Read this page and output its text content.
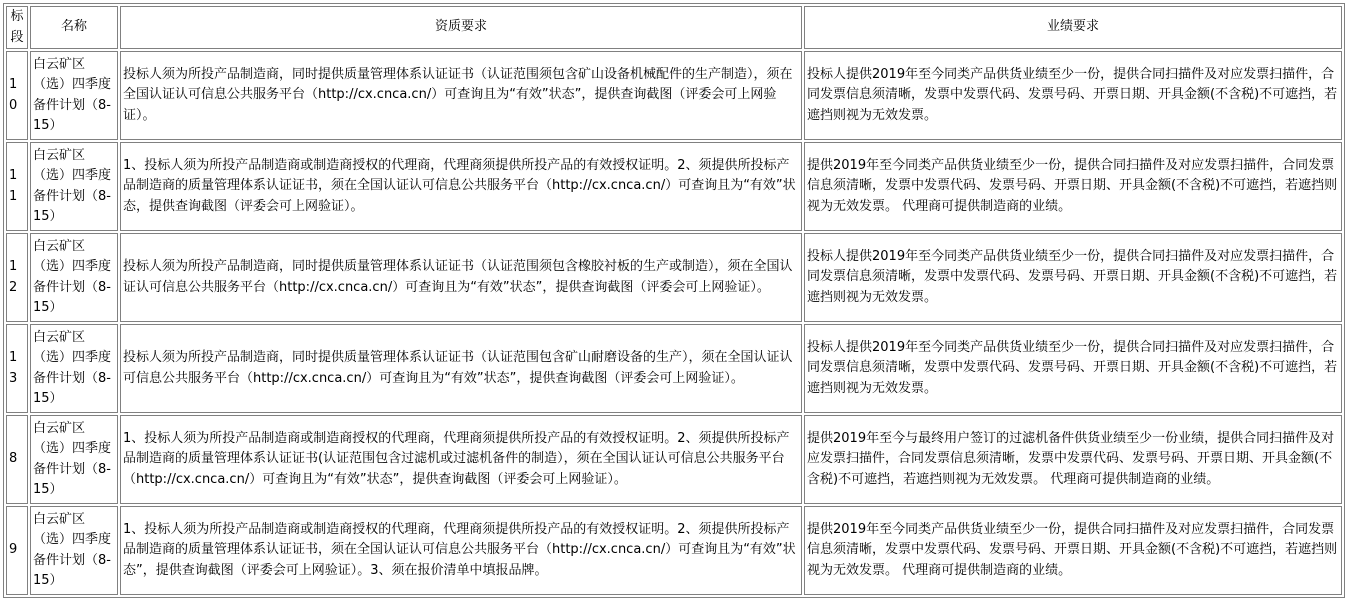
标段	名称	资质要求	业绩要求
10	白云矿区（选）四季度备件计划（8-15）	投标人须为所投产品制造商，同时提供质量管理体系认证证书（认证范围须包含矿山设备机械配件的生产制造），须在全国认证认可信息公共服务平台（http://cx.cnca.cn/）可查询且为“有效”状态”，提供查询截图（评委会可上网验证）。	投标人提供2019年至今同类产品供货业绩至少一份，提供合同扫描件及对应发票扫描件，合同发票信息须清晰，发票中发票代码、发票号码、开票日期、开具金额(不含税)不可遮挡，若遮挡则视为无效发票。
11	白云矿区（选）四季度备件计划（8-15）	1、投标人须为所投产品制造商或制造商授权的代理商，代理商须提供所投产品的有效授权证明。2、须提供所投标产品制造商的质量管理体系认证证书，须在全国认证认可信息公共服务平台（http://cx.cnca.cn/）可查询且为“有效”状态，提供查询截图（评委会可上网验证）。	提供2019年至今同类产品供货业绩至少一份，提供合同扫描件及对应发票扫描件，合同发票信息须清晰，发票中发票代码、发票号码、开票日期、开具金额(不含税)不可遮挡，若遮挡则视为无效发票。 代理商可提供制造商的业绩。
12	白云矿区（选）四季度备件计划（8-15）	投标人须为所投产品制造商，同时提供质量管理体系认证证书（认证范围须包含橡胶衬板的生产或制造），须在全国认证认可信息公共服务平台（http://cx.cnca.cn/）可查询且为“有效”状态”，提供查询截图（评委会可上网验证）。	投标人提供2019年至今同类产品供货业绩至少一份，提供合同扫描件及对应发票扫描件，合同发票信息须清晰，发票中发票代码、发票号码、开票日期、开具金额(不含税)不可遮挡，若遮挡则视为无效发票。
13	白云矿区（选）四季度备件计划（8-15）	投标人须为所投产品制造商，同时提供质量管理体系认证证书（认证范围包含矿山耐磨设备的生产），须在全国认证认可信息公共服务平台（http://cx.cnca.cn/）可查询且为“有效”状态”，提供查询截图（评委会可上网验证）。	投标人提供2019年至今同类产品供货业绩至少一份，提供合同扫描件及对应发票扫描件，合同发票信息须清晰，发票中发票代码、发票号码、开票日期、开具金额(不含税)不可遮挡，若遮挡则视为无效发票。
8	白云矿区（选）四季度备件计划（8-15）	1、投标人须为所投产品制造商或制造商授权的代理商，代理商须提供所投产品的有效授权证明。2、须提供所投标产品制造商的质量管理体系认证证书(认证范围包含过滤机或过滤机备件的制造），须在全国认证认可信息公共服务平台（http://cx.cnca.cn/）可查询且为“有效”状态”，提供查询截图（评委会可上网验证）。	提供2019年至今与最终用户签订的过滤机备件供货业绩至少一份业绩，提供合同扫描件及对应发票扫描件，合同发票信息须清晰，发票中发票代码、发票号码、开票日期、开具金额(不含税)不可遮挡，若遮挡则视为无效发票。 代理商可提供制造商的业绩。
9	白云矿区（选）四季度备件计划（8-15）	1、投标人须为所投产品制造商或制造商授权的代理商，代理商须提供所投产品的有效授权证明。2、须提供所投标产品制造商的质量管理体系认证证书，须在全国认证认可信息公共服务平台（http://cx.cnca.cn/）可查询且为“有效”状态”，提供查询截图（评委会可上网验证）。3、须在报价清单中填报品牌。	提供2019年至今同类产品供货业绩至少一份，提供合同扫描件及对应发票扫描件，合同发票信息须清晰，发票中发票代码、发票号码、开票日期、开具金额(不含税)不可遮挡，若遮挡则视为无效发票。 代理商可提供制造商的业绩。
